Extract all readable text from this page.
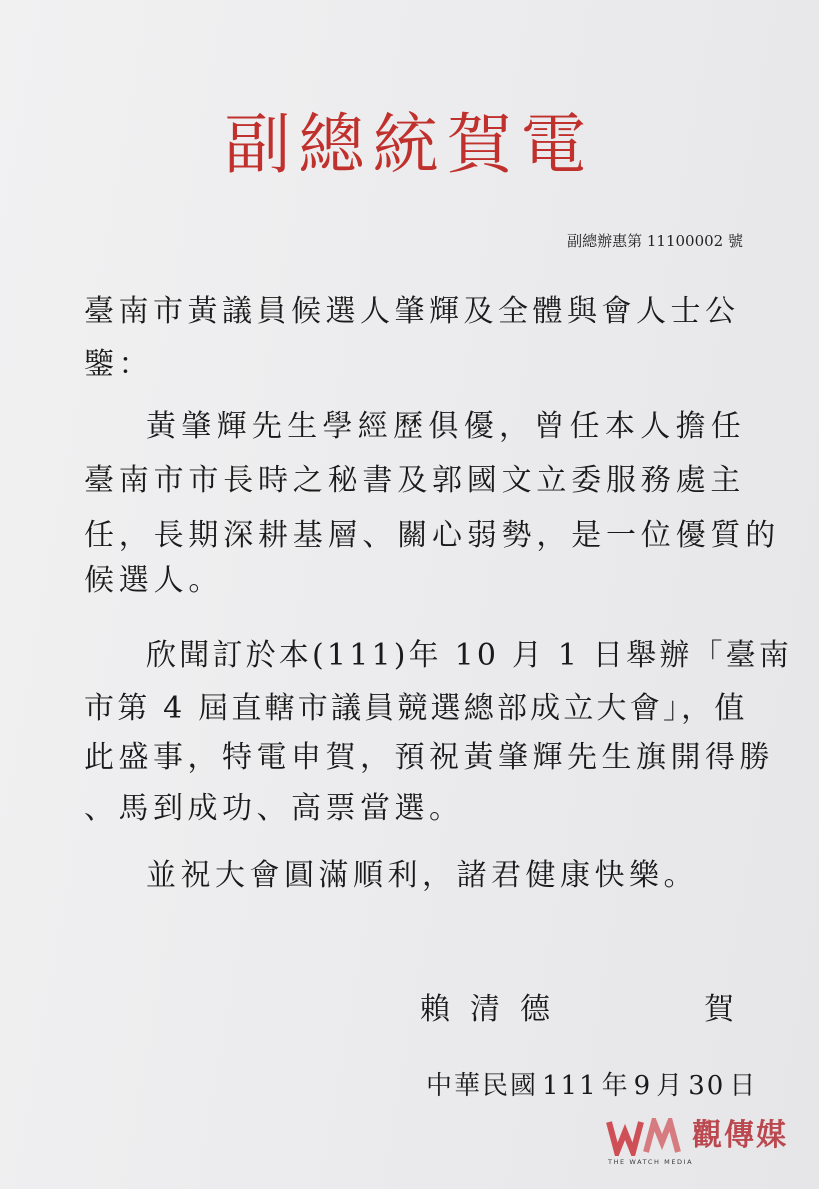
副總統賀電
副總辦惠第 11100002 號
臺南市黃議員候選人肇輝及全體與會人士公
鑒：
黃肇輝先生學經歷俱優，曾任本人擔任
臺南市市長時之秘書及郭國文立委服務處主
任，長期深耕基層、關心弱勢，是一位優質的
候選人。
欣聞訂於本(111)年 10 月 1 日舉辦「臺南
市第 4 屆直轄市議員競選總部成立大會」，值
此盛事，特電申賀，預祝黃肇輝先生旗開得勝
、馬到成功、高票當選。
並祝大會圓滿順利，諸君健康快樂。
賴清德	賀
中華民國 111 年 9 月 30 日
觀傳媒
THE WATCH MEDIA
